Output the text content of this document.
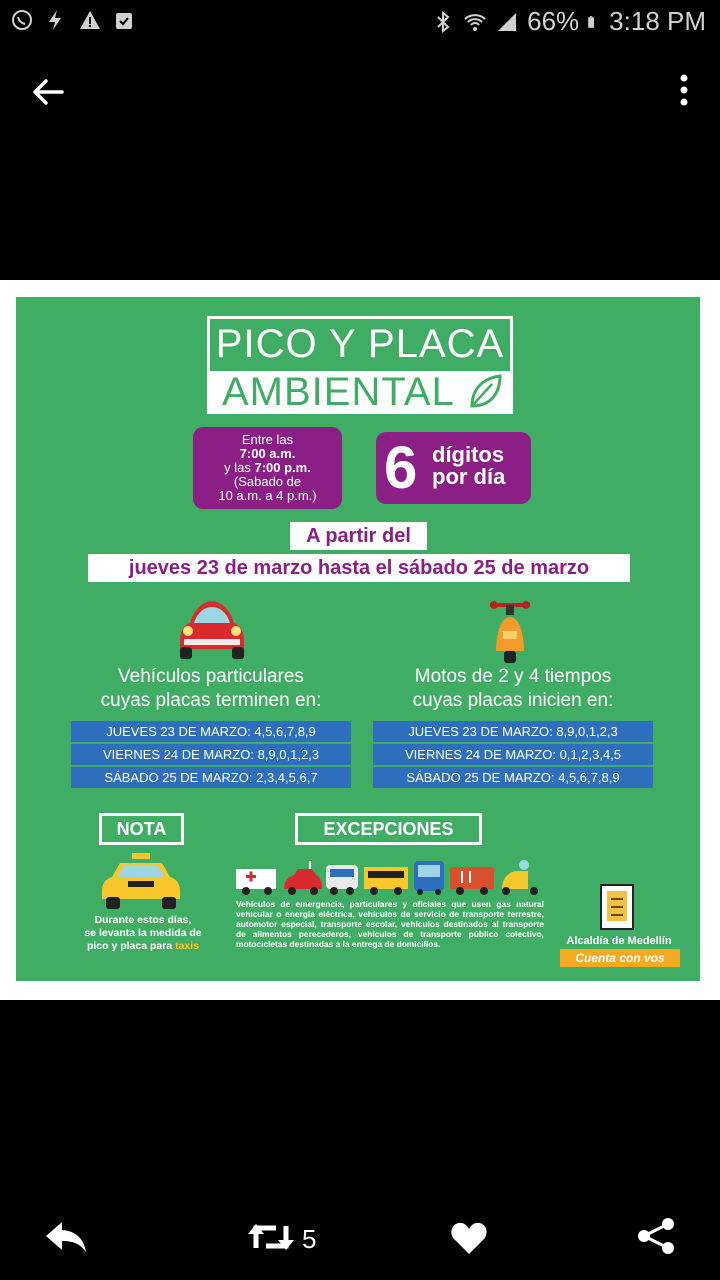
66% 3:18 PM
PICO Y PLACA
AMBIENTAL
Entre las
7:00 a.m.
y las 7:00 p.m.
(Sabado de
10 a.m. a 4 p.m.)	6 dígitos
por día
A partir del
jueves 23 de marzo hasta el sábado 25 de marzo
Vehículos particulares
cuyas placas terminen en:
Motos de 2 y 4 tiempos
cuyas placas inicien en:
JUEVES 23 DE MARZO: 4,5,6,7,8,9
VIERNES 24 DE MARZO: 8,9,0,1,2,3
SÁBADO 25 DE MARZO: 2,3,4,5,6,7
JUEVES 23 DE MARZO: 8,9,0,1,2,3
VIERNES 24 DE MARZO: 0,1,2,3,4,5
SÁBADO 25 DE MARZO: 4,5,6,7,8,9
NOTA	EXCEPCIONES
Durante estos días,
se levanta la medida de
pico y placa para taxis
Vehículos de emergencia, particulares y oficiales que usen gas natural vehicular o energía eléctrica, vehículos de servicio de transporte terrestre, automotor especial, transporte escolar, vehículos destinados al transporte de alimentos perecederos, vehículos de transporte público colectivo, motocicletas destinadas a la entrega de domicilios.	Alcaldía de Medellín
Cuenta con vos
5
